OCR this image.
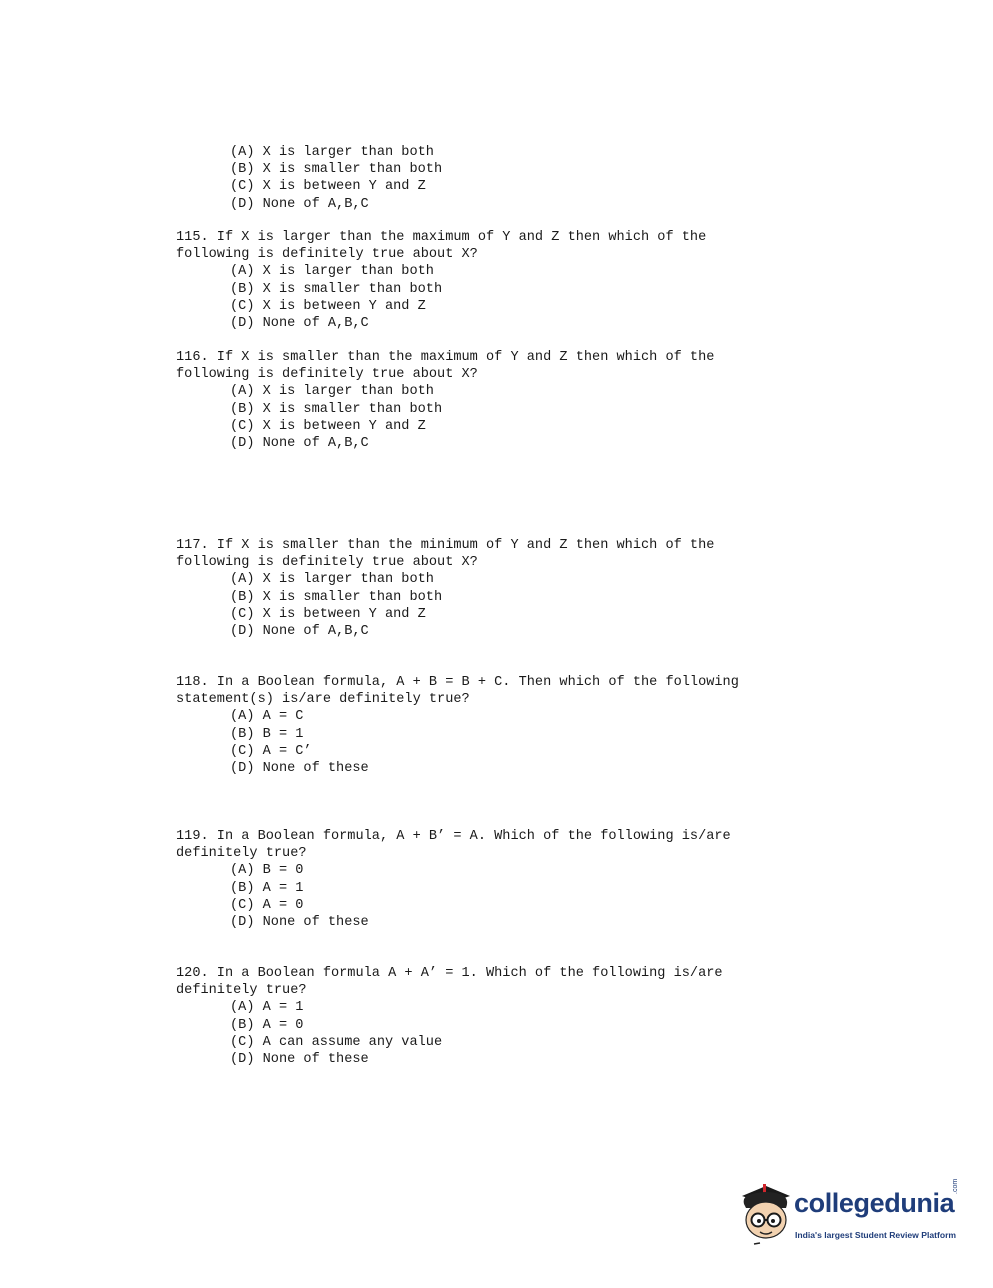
(A) X is larger than both
(B) X is smaller than both
(C) X is between Y and Z
(D) None of A,B,C

115. If X is larger than the maximum of Y and Z then which of the

following is definitely true about X?

(A) X is larger than both
(B) X is smaller than both
(C) X is between Y and Z
(D) None of A,B,C

116. If X is smaller than the maximum of Y and Z then which of the

following is definitely true about X?

(A) X is larger than both
(B) X is smaller than both
(C) X is between Y and Z
(D) None of A,B,C

117. If X is smaller than the minimum of Y and Z then which of the

following is definitely true about X?

(A) X is larger than both
(B) X is smaller than both
(C) X is between Y and Z
(D) None of A,B,C

118. In a Boolean formula, A + B = B + C. Then which of the following

statement(s) is/are definitely true?

(A) A = C
(B) B = 1
(C) A = C’
(D) None of these

119. In a Boolean formula, A + B’ = A. Which of the following is/are

definitely true?

(A) B = 0
(B) A = 1
(C) A = 0
(D) None of these

120. In a Boolean formula A + A’ = 1. Which of the following is/are

definitely true?

(A) A = 1
(B) A = 0
(C) A can assume any value
(D) None of these
collegedunia
.com
India's largest Student Review Platform
